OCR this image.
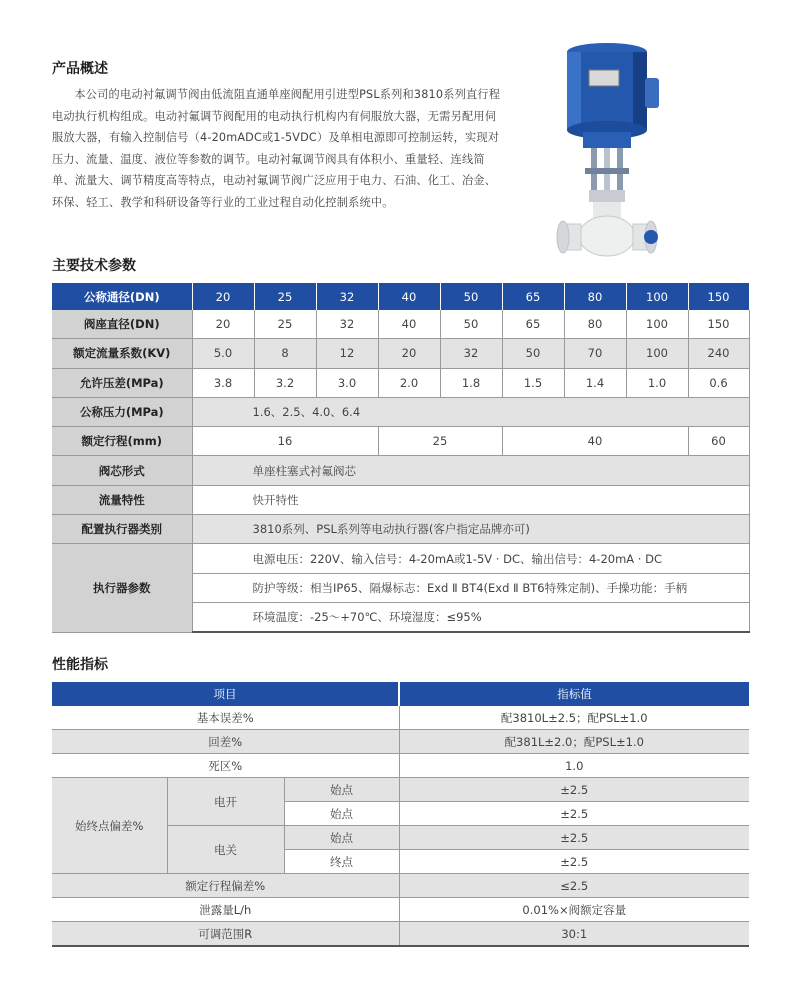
产品概述

本公司的电动衬氟调节阀由低流阻直通单座阀配用引进型PSL系列和3810系列直行程电动执行机构组成。电动衬氟调节阀配用的电动执行机构内有伺服放大器，无需另配用伺服放大器，有输入控制信号（4-20mADC或1-5VDC）及单相电源即可控制运转，实现对压力、流量、温度、液位等参数的调节。电动衬氟调节阀具有体积小、重量轻、连线简单、流量大、调节精度高等特点，电动衬氟调节阀广泛应用于电力、石油、化工、冶金、环保、轻工、教学和科研设备等行业的工业过程自动化控制系统中。

主要技术参数
公称通径(DN)	20	25	32	40	50	65	80	100	150
阀座直径(DN)	20	25	32	40	50	65	80	100	150
额定流量系数(KV)	5.0	8	12	20	32	50	70	100	240
允许压差(MPa)	3.8	3.2	3.0	2.0	1.8	1.5	1.4	1.0	0.6
公称压力(MPa)	1.6、2.5、4.0、6.4								
额定行程(mm)	16			25		40			60
阀芯形式	单座柱塞式衬氟阀芯								
流量特性	快开特性								
配置执行器类别	3810系列、PSL系列等电动执行器(客户指定品牌亦可)								
执行器参数	电源电压：220V、输入信号：4-20mA或1-5V · DC、输出信号：4-20mA · DC								
	防护等级：相当IP65、隔爆标志：Exd Ⅱ BT4(Exd Ⅱ BT6特殊定制)、手操功能：手柄								
	环境温度：-25～+70℃、环境湿度：≤95%								
性能指标
项目			指标值
基本误差%			配3810L±2.5；配PSL±1.0
回差%			配381L±2.0；配PSL±1.0
死区%			1.0
始终点偏差%	电开	始点	±2.5
		始点	±2.5
	电关	始点	±2.5
		终点	±2.5
额定行程偏差%			≤2.5
泄露量L/h			0.01%×阀额定容量
可调范围R			30:1
